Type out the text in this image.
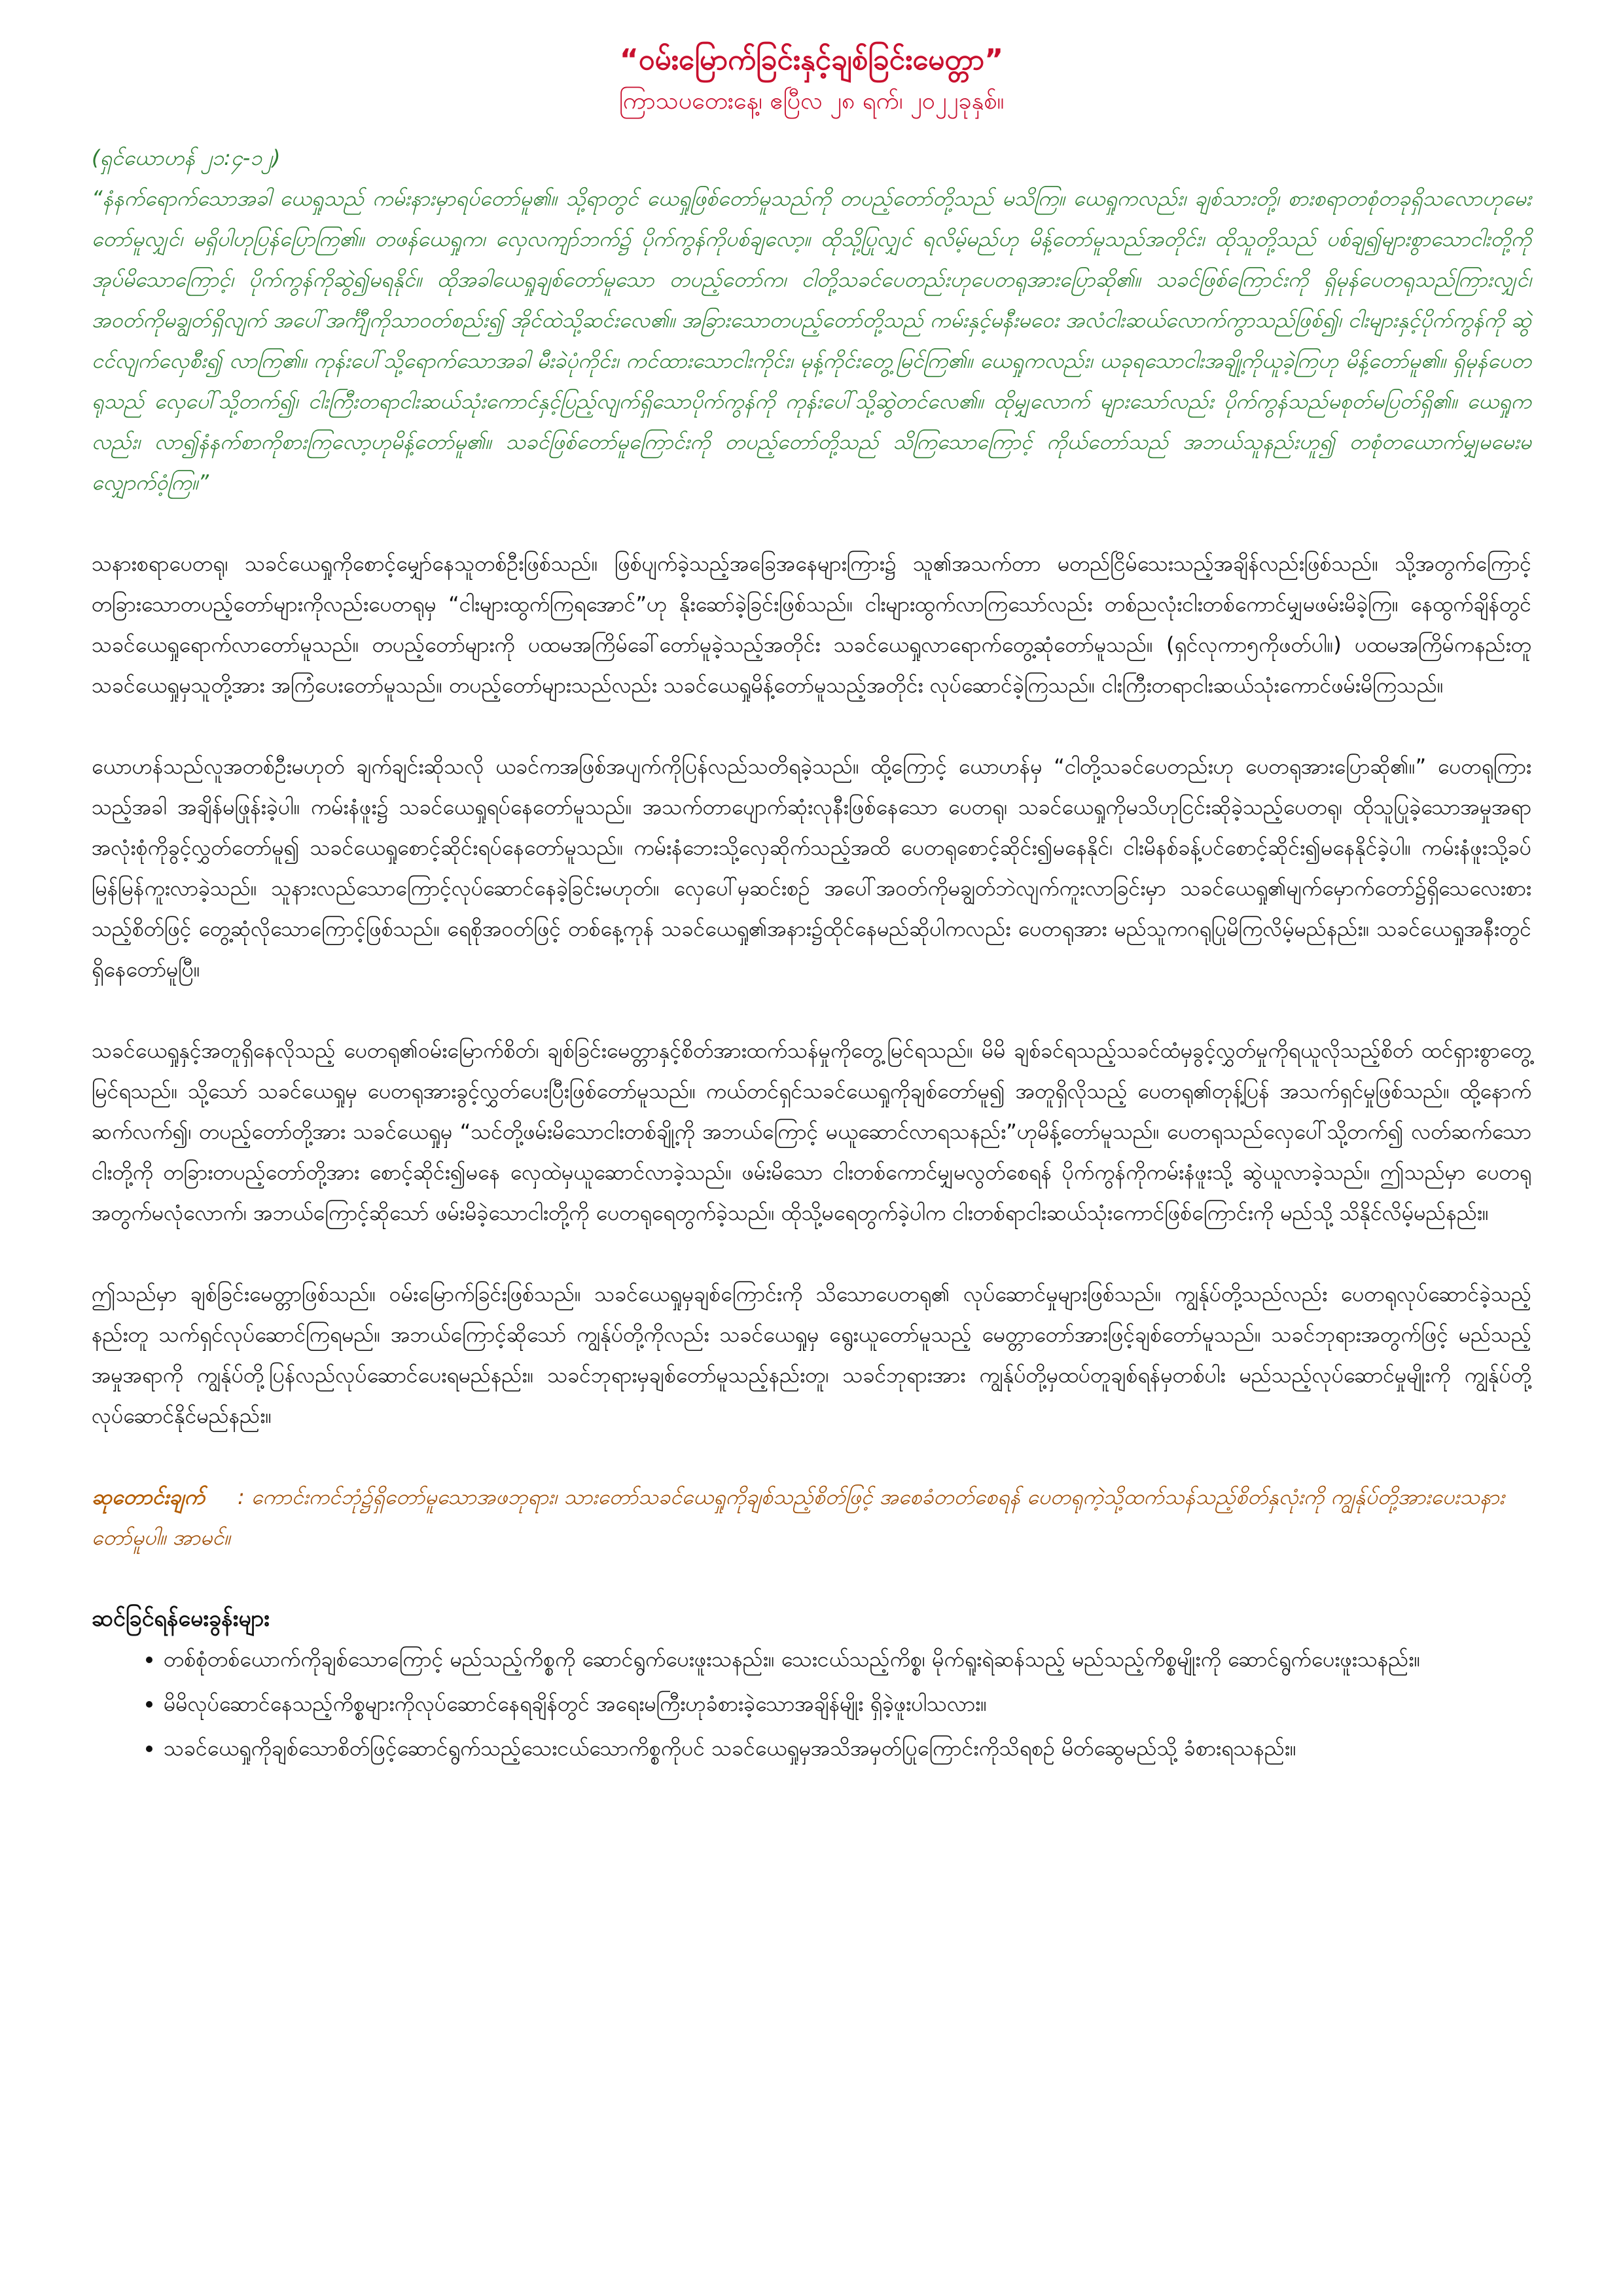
“ဝမ်းမြောက်ခြင်းနှင့်ချစ်ခြင်းမေတ္တာ”
ကြာသပတေးနေ့၊ ဧပြီလ ၂၈ ရက်၊ ၂၀၂၂ခုနှစ်။
(ရှင်ယောဟန် ၂၁:၄-၁၂)

“နံနက်ရောက်သောအခါ ယေရှုသည် ကမ်းနားမှာရပ်တော်မူ၏။ သို့ရာတွင် ယေရှုဖြစ်တော်မူသည်ကို တပည့်တော်တို့သည် မသိကြ။ ယေရှုကလည်း၊ ချစ်သားတို့၊ စားစရာတစုံတခုရှိသလောဟုမေးတော်မူလျှင်၊ မရှိပါဟုပြန်ပြောကြ၏။ တဖန်ယေရှုက၊ လှေလကျာ်ဘက်၌ ပိုက်ကွန်ကိုပစ်ချလော့။ ထိုသို့ပြုလျှင် ရလိမ့်မည်ဟု မိန့်တော်မူသည်အတိုင်း၊ ထိုသူတို့သည် ပစ်ချ၍များစွာသောငါးတို့ကိုအုပ်မိသောကြောင့်၊ ပိုက်ကွန်ကိုဆွဲ၍မရနိုင်။ ထိုအခါယေရှုချစ်တော်မူသော တပည့်တော်က၊ ငါတို့သခင်ပေတည်းဟုပေတရုအားပြောဆို၏။ သခင်ဖြစ်ကြောင်းကို ရှိမုန်ပေတရုသည်ကြားလျှင်၊ အဝတ်ကိုမချွတ်ရှိလျက် အပေါ်အင်္ကျီကိုသာဝတ်စည်း၍ အိုင်ထဲသို့ဆင်းလေ၏။ အခြားသောတပည့်တော်တို့သည် ကမ်းနှင့်မနီးမဝေး အလံငါးဆယ်လောက်ကွာသည်ဖြစ်၍၊ ငါးများနှင့်ပိုက်ကွန်ကို ဆွဲငင်လျက်လှေစီး၍ လာကြ၏။ ကုန်းပေါ်သို့ရောက်သောအခါ မီးခဲပုံကိုင်း၊ ကင်ထားသောငါးကိုင်း၊ မုန့်ကိုင်းတွေ့မြင်ကြ၏။ ယေရှုကလည်း၊ ယခုရသောငါးအချို့ကိုယူခဲ့ကြဟု မိန့်တော်မူ၏။ ရှိမုန်ပေတရုသည် လှေပေါ်သို့တက်၍၊ ငါးကြီးတရာငါးဆယ်သုံးကောင်နှင့်ပြည့်လျက်ရှိသောပိုက်ကွန်ကို ကုန်းပေါ်သို့ဆွဲတင်လေ၏။ ထိုမျှလောက် များသော်လည်း ပိုက်ကွန်သည်မစုတ်မပြတ်ရှိ၏။ ယေရှုကလည်း၊ လာ၍နံနက်စာကိုစားကြလော့ဟုမိန့်တော်မူ၏။ သခင်ဖြစ်တော်မူကြောင်းကို တပည့်တော်တို့သည် သိကြသောကြောင့် ကိုယ်တော်သည် အဘယ်သူနည်းဟူ၍ တစုံတယောက်မျှမမေးမလျှောက်ဝံ့ကြ။”

သနားစရာပေတရု၊ သခင်ယေရှုကိုစောင့်မျှော်နေသူတစ်ဦးဖြစ်သည်။ ဖြစ်ပျက်ခဲ့သည့်အခြေအနေများကြား၌ သူ၏အသက်တာ မတည်ငြိမ်သေးသည့်အချိန်လည်းဖြစ်သည်။ သို့အတွက်ကြောင့် တခြားသောတပည့်တော်များကိုလည်းပေတရုမှ “ငါးများထွက်ကြရအောင်”ဟု နိုးဆော်ခဲ့ခြင်းဖြစ်သည်။ ငါးများထွက်လာကြသော်လည်း တစ်ညလုံးငါးတစ်ကောင်မျှမဖမ်းမိခဲ့ကြ။ နေထွက်ချိန်တွင် သခင်ယေရှုရောက်လာတော်မူသည်။ တပည့်တော်များကို ပထမအကြိမ်ခေါ်တော်မူခဲ့သည့်အတိုင်း သခင်ယေရှုလာရောက်တွေ့ဆုံတော်မူသည်။ (ရှင်လုကာ၅ကိုဖတ်ပါ။) ပထမအကြိမ်ကနည်းတူ သခင်ယေရှုမှသူတို့အား အကြံပေးတော်မူသည်။ တပည့်တော်များသည်လည်း သခင်ယေရှုမိန့်တော်မူသည့်အတိုင်း လုပ်ဆောင်ခဲ့ကြသည်။ ငါးကြီးတရာငါးဆယ်သုံးကောင်ဖမ်းမိကြသည်။

ယောဟန်သည်လူအတစ်ဦးမဟုတ် ချက်ချင်းဆိုသလို ယခင်ကအဖြစ်အပျက်ကိုပြန်လည်သတိရခဲ့သည်။ ထို့ကြောင့် ယောဟန်မှ “ငါတို့သခင်ပေတည်းဟု ပေတရုအားပြောဆို၏။” ပေတရုကြားသည့်အခါ အချိန်မဖြုန်းခဲ့ပါ။ ကမ်းနံဖူး၌ သခင်ယေရှုရပ်နေတော်မူသည်။ အသက်တာပျောက်ဆုံးလုနီးဖြစ်နေသော ပေတရု၊ သခင်ယေရှုကိုမသိဟုငြင်းဆိုခဲ့သည့်ပေတရု၊ ထိုသူပြုခဲ့သောအမှုအရာအလုံးစုံကိုခွင့်လွှတ်တော်မူ၍ သခင်ယေရှုစောင့်ဆိုင်းရပ်နေတော်မူသည်။ ကမ်းနံဘေးသို့လှေဆိုက်သည့်အထိ ပေတရုစောင့်ဆိုင်း၍မနေနိုင်၊ ငါးမိနစ်ခန့်ပင်စောင့်ဆိုင်း၍မနေနိုင်ခဲ့ပါ။ ကမ်းနံဖူးသို့ခပ်မြန်မြန်ကူးလာခဲ့သည်။ သူနားလည်သောကြောင့်လုပ်ဆောင်နေခဲ့ခြင်းမဟုတ်။ လှေပေါ်မှဆင်းစဉ် အပေါ်အဝတ်ကိုမချွတ်ဘဲလျက်ကူးလာခြင်းမှာ သခင်ယေရှု၏မျက်မှောက်တော်၌ရှိသေလေးစားသည့်စိတ်ဖြင့် တွေ့ဆုံလိုသောကြောင့်ဖြစ်သည်။ ရေစိုအဝတ်ဖြင့် တစ်နေ့ကုန် သခင်ယေရှု၏အနား၌ထိုင်နေမည်ဆိုပါကလည်း ပေတရုအား မည်သူကဂရုပြုမိကြလိမ့်မည်နည်း။ သခင်ယေရှုအနီးတွင်ရှိနေတော်မူပြီ။

သခင်ယေရှုနှင့်အတူရှိနေလိုသည့် ပေတရု၏ဝမ်းမြောက်စိတ်၊ ချစ်ခြင်းမေတ္တာနှင့်စိတ်အားထက်သန်မှုကိုတွေ့မြင်ရသည်။ မိမိ ချစ်ခင်ရသည့်သခင်ထံမှခွင့်လွှတ်မှုကိုရယူလိုသည့်စိတ် ထင်ရှားစွာတွေ့မြင်ရသည်။ သို့သော် သခင်ယေရှုမှ ပေတရုအားခွင့်လွှတ်ပေးပြီးဖြစ်တော်မူသည်။ ကယ်တင်ရှင်သခင်ယေရှုကိုချစ်တော်မူ၍ အတူရှိလိုသည့် ပေတရု၏တုန့်ပြန် အသက်ရှင်မှုဖြစ်သည်။ ထို့နောက်ဆက်လက်၍၊ တပည့်တော်တို့အား သခင်ယေရှုမှ “သင်တို့ဖမ်းမိသောငါးတစ်ချို့ကို အဘယ်ကြောင့် မယူဆောင်လာရသနည်း”ဟုမိန့်တော်မူသည်။ ပေတရုသည်လှေပေါ်သို့တက်၍ လတ်ဆက်သောငါးတို့ကို တခြားတပည့်တော်တို့အား စောင့်ဆိုင်း၍မနေ လှေထဲမှယူဆောင်လာခဲ့သည်။ ဖမ်းမိသော ငါးတစ်ကောင်မျှမလွတ်စေရန် ပိုက်ကွန်ကိုကမ်းနံဖူးသို့ ဆွဲယူလာခဲ့သည်။ ဤသည်မှာ ပေတရုအတွက်မလုံလောက်၊ အဘယ်ကြောင့်ဆိုသော် ဖမ်းမိခဲ့သောငါးတို့ကို ပေတရုရေတွက်ခဲ့သည်။ ထိုသို့မရေတွက်ခဲ့ပါက ငါးတစ်ရာငါးဆယ်သုံးကောင်ဖြစ်ကြောင်းကို မည်သို့ သိနိုင်လိမ့်မည်နည်း။

ဤသည်မှာ ချစ်ခြင်းမေတ္တာဖြစ်သည်။ ဝမ်းမြောက်ခြင်းဖြစ်သည်။ သခင်ယေရှုမှချစ်ကြောင်းကို သိသောပေတရု၏ လုပ်ဆောင်မှုများဖြစ်သည်။ ကျွန်ုပ်တို့သည်လည်း ပေတရုလုပ်ဆောင်ခဲ့သည့်နည်းတူ သက်ရှင်လုပ်ဆောင်ကြရမည်။ အဘယ်ကြောင့်ဆိုသော် ကျွန်ုပ်တို့ကိုလည်း သခင်ယေရှုမှ ရွေးယူတော်မူသည့် မေတ္တာတော်အားဖြင့်ချစ်တော်မူသည်။ သခင်ဘုရားအတွက်ဖြင့် မည်သည့်အမှုအရာကို ကျွန်ုပ်တို့ပြန်လည်လုပ်ဆောင်ပေးရမည်နည်း။ သခင်ဘုရားမှချစ်တော်မူသည့်နည်းတူ၊ သခင်ဘုရားအား ကျွန်ုပ်တို့မှထပ်တူချစ်ရန်မှတစ်ပါး မည်သည့်လုပ်ဆောင်မှုမျိုးကို ကျွန်ုပ်တို့လုပ်ဆောင်နိုင်မည်နည်း။

ဆုတောင်းချက် : ကောင်းကင်ဘုံ၌ရှိတော်မူသောအဖဘုရား၊ သားတော်သခင်ယေရှုကိုချစ်သည့်စိတ်ဖြင့် အစေခံတတ်စေရန် ပေတရုကဲ့သို့ထက်သန်သည့်စိတ်နှလုံးကို ကျွန်ုပ်တို့အားပေးသနားတော်မူပါ။ အာမင်။

ဆင်ခြင်ရန်မေးခွန်းများ
• တစ်စုံတစ်ယောက်ကိုချစ်သောကြောင့် မည်သည့်ကိစ္စကို ဆောင်ရွက်ပေးဖူးသနည်း။ သေးငယ်သည့်ကိစ္စ၊ မိုက်ရူးရဲဆန်သည့် မည်သည့်ကိစ္စမျိုးကို ဆောင်ရွက်ပေးဖူးသနည်း။
• မိမိလုပ်ဆောင်နေသည့်ကိစ္စများကိုလုပ်ဆောင်နေရချိန်တွင် အရေးမကြီးဟုခံစားခဲ့သောအချိန်မျိုး ရှိခဲ့ဖူးပါသလား။
• သခင်ယေရှုကိုချစ်သောစိတ်ဖြင့်ဆောင်ရွက်သည့်သေးငယ်သောကိစ္စကိုပင် သခင်ယေရှုမှအသိအမှတ်ပြုကြောင်းကိုသိရစဉ် မိတ်ဆွေမည်သို့ ခံစားရသနည်း။
